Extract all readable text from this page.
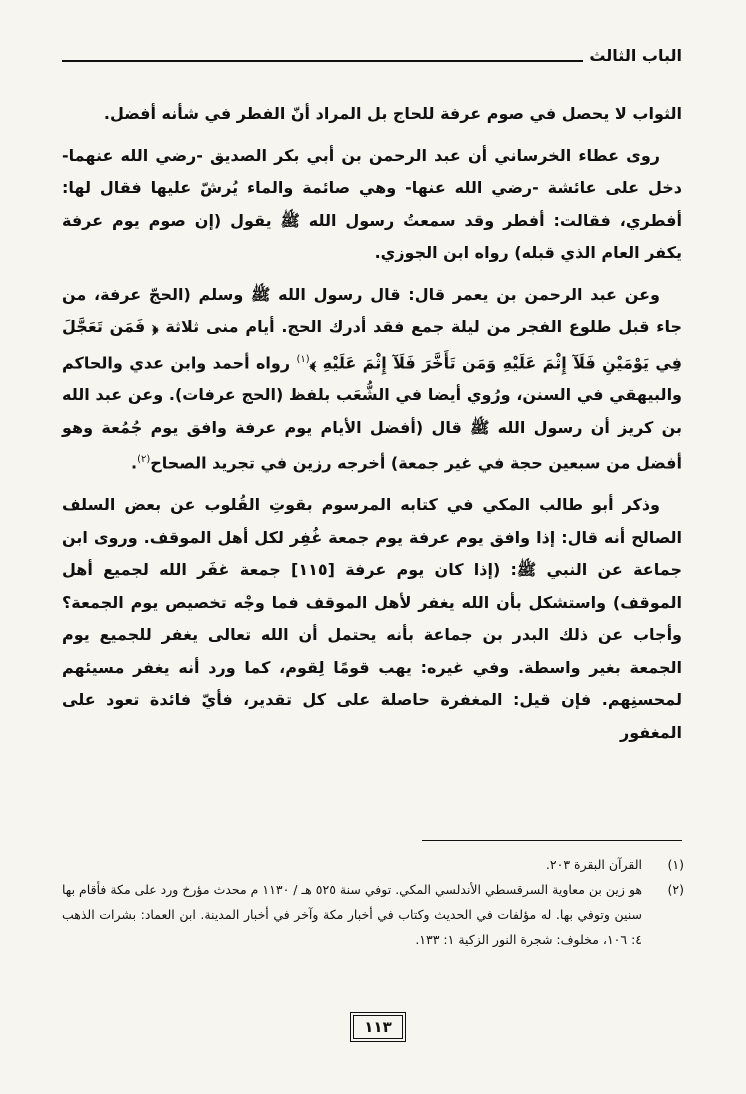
الباب الثالث

الثواب لا يحصل في صوم عرفة للحاج بل المراد أنّ الفطر في شأنه أفضل.

روى عطاء الخرساني أن عبد الرحمن بن أبي بكر الصديق -رضي الله عنهما- دخل على عائشة -رضي الله عنها- وهي صائمة والماء يُرشّ عليها فقال لها: أفطري، فقالت: أفطر وقد سمعتُ رسول الله ﷺ يقول (إن صوم يوم عرفة يكفر العام الذي قبله) رواه ابن الجوزي.

وعن عبد الرحمن بن يعمر قال: قال رسول الله ﷺ وسلم (الحجّ عرفة، من جاء قبل طلوع الفجر من ليلة جمع فقد أدرك الحج. أيام منى ثلاثة ﴿ فَمَن تَعَجَّلَ فِي يَوْمَيْنِ فَلَآ إِثْمَ عَلَيْهِ وَمَن تَأَخَّرَ فَلَآ إِثْمَ عَلَيْهِ ﴾$^{(١)}$ رواه أحمد وابن عدي والحاكم والبيهقي في السنن، ورُوي أيضا في الشُّعَب بلفظ (الحج عرفات). وعن عبد الله بن كريز أن رسول الله ﷺ قال (أفضل الأيام يوم عرفة وافق يوم جُمُعة وهو أفضل من سبعين حجة في غير جمعة) أخرجه رزين في تجريد الصحاح$^{(٢)}$.

وذكر أبو طالب المكي في كتابه المرسوم بقوتِ القُلوب عن بعض السلف الصالح أنه قال: إذا وافق يوم عرفة يوم جمعة غُفِر لكل أهل الموقف. وروى ابن جماعة عن النبي ﷺ: (إذا كان يوم عرفة [١١٥] جمعة غفَر الله لجميع أهل الموقف) واستشكل بأن الله يغفر لأهل الموقف فما وجْه تخصيص يوم الجمعة؟ وأجاب عن ذلك البدر بن جماعة بأنه يحتمل أن الله تعالى يغفر للجميع يوم الجمعة بغير واسطة. وفي غيره: يهب قومًا لِقوم، كما ورد أنه يغفر مسيئهم لمحسنِهم. فإن قيل: المغفرة حاصلة على كل تقدير، فأيّ فائدة تعود على المغفور

(١)
القرآن البقرة ٢٠٣.
(٢)
هو زين بن معاوية السرقسطي الأندلسي المكي. توفي سنة ٥٢٥ هـ / ١١٣٠ م محدث مؤرخ ورد على مكة فأقام بها سنين وتوفي بها. له مؤلفات في الحديث وكتاب في أخبار مكة وآخر في أخبار المدينة. ابن العماد: بشرات الذهب ٤: ١٠٦، مخلوف: شجرة النور الزكية ١: ١٣٣.
١١٣
